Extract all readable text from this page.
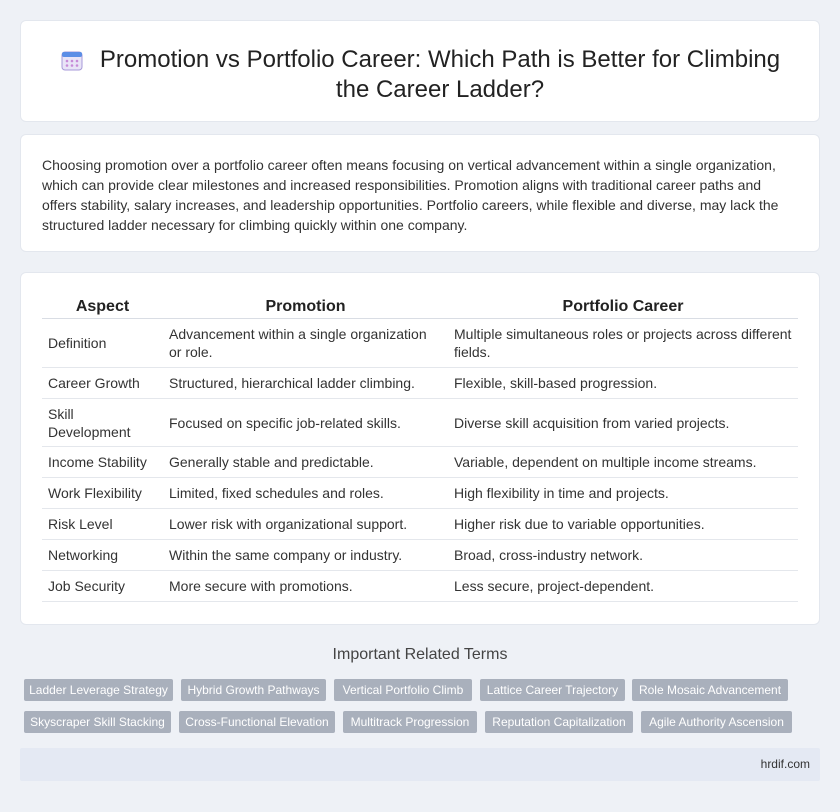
Promotion vs Portfolio Career: Which Path is Better for Climbing the Career Ladder?

Choosing promotion over a portfolio career often means focusing on vertical advancement within a single organization, which can provide clear milestones and increased responsibilities. Promotion aligns with traditional career paths and offers stability, salary increases, and leadership opportunities. Portfolio careers, while flexible and diverse, may lack the structured ladder necessary for climbing quickly within one company.

Aspect	Promotion	Portfolio Career
Definition	Advancement within a single organization or role.	Multiple simultaneous roles or projects across different fields.
Career Growth	Structured, hierarchical ladder climbing.	Flexible, skill-based progression.
Skill Development	Focused on specific job-related skills.	Diverse skill acquisition from varied projects.
Income Stability	Generally stable and predictable.	Variable, dependent on multiple income streams.
Work Flexibility	Limited, fixed schedules and roles.	High flexibility in time and projects.
Risk Level	Lower risk with organizational support.	Higher risk due to variable opportunities.
Networking	Within the same company or industry.	Broad, cross-industry network.
Job Security	More secure with promotions.	Less secure, project-dependent.
Important Related Terms
Ladder Leverage Strategy	Hybrid Growth Pathways	Vertical Portfolio Climb	Lattice Career Trajectory	Role Mosaic Advancement
Skyscraper Skill Stacking	Cross-Functional Elevation	Multitrack Progression	Reputation Capitalization	Agile Authority Ascension
hrdif.com
